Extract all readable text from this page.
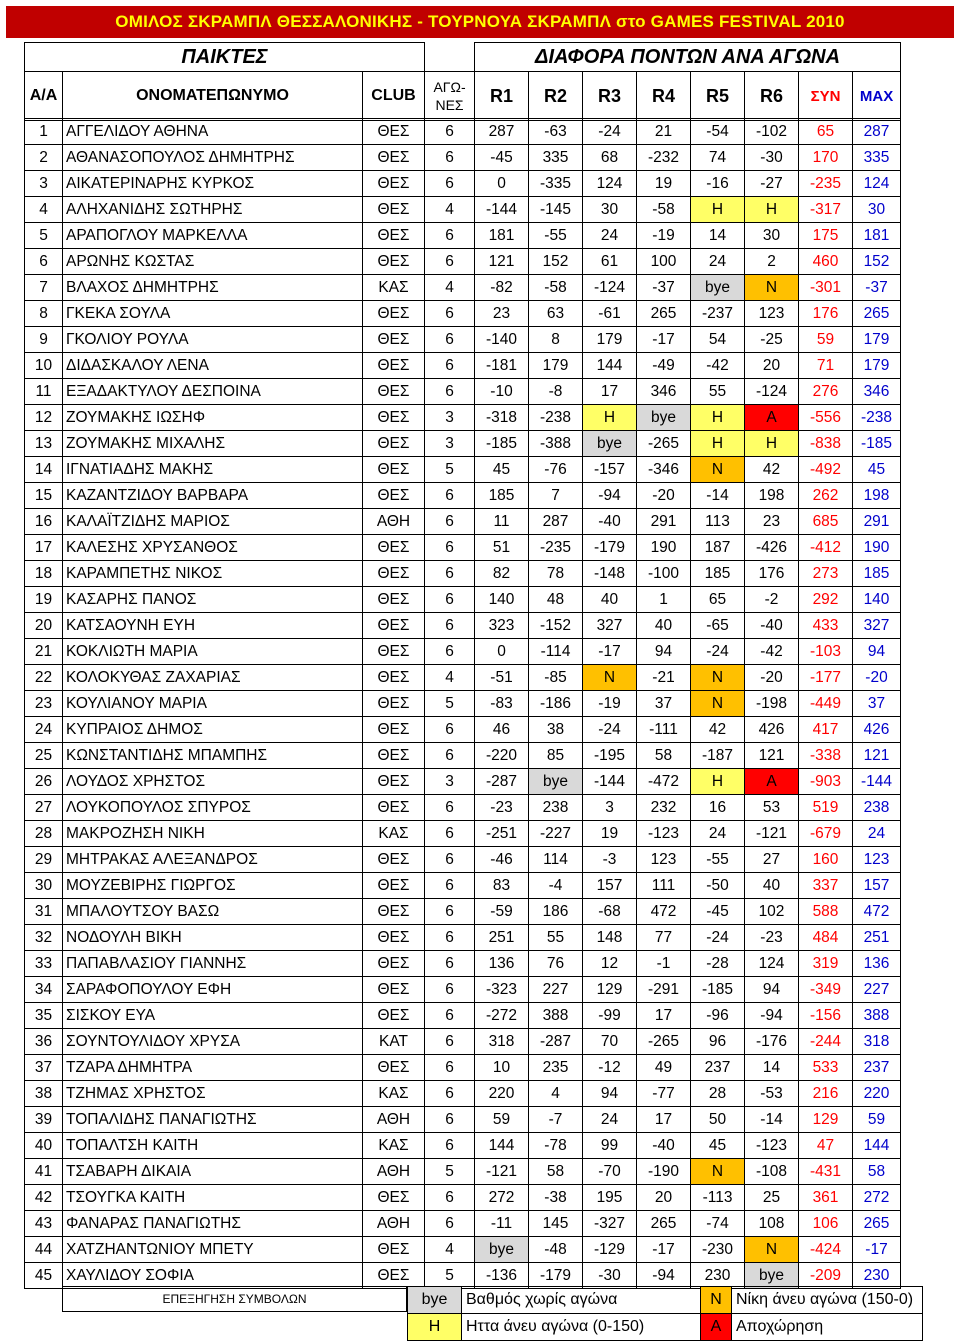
ΟΜΙΛΟΣ ΣΚΡΑΜΠΛ ΘΕΣΣΑΛΟΝΙΚΗΣ - ΤΟΥΡΝΟΥΑ ΣΚΡΑΜΠΛ στο GAMES FESTIVAL 2010
ΠΑΙΚΤΕΣ				ΔΙΑΦΟΡΑ ΠΟΝΤΩΝ ΑΝΑ ΑΓΩΝΑ							
Α/Α	ΟΝΟΜΑΤΕΠΩΝΥΜΟ	CLUB	ΑΓΩ-
ΝΕΣ	R1	R2	R3	R4	R5	R6	ΣΥΝ	MAX
1	ΑΓΓΕΛΙΔΟΥ ΑΘΗΝΑ	ΘΕΣ	6	287	-63	-24	21	-54	-102	65	287
2	ΑΘΑΝΑΣΟΠΟΥΛΟΣ ΔΗΜΗΤΡΗΣ	ΘΕΣ	6	-45	335	68	-232	74	-30	170	335
3	ΑΙΚΑΤΕΡΙΝΑΡΗΣ ΚΥΡΚΟΣ	ΘΕΣ	6	0	-335	124	19	-16	-27	-235	124
4	ΑΛΗΧΑΝΙΔΗΣ ΣΩΤΗΡΗΣ	ΘΕΣ	4	-144	-145	30	-58	Η	Η	-317	30
5	ΑΡΑΠΟΓΛΟΥ ΜΑΡΚΕΛΛΑ	ΘΕΣ	6	181	-55	24	-19	14	30	175	181
6	ΑΡΩΝΗΣ ΚΩΣΤΑΣ	ΘΕΣ	6	121	152	61	100	24	2	460	152
7	ΒΛΑΧΟΣ ΔΗΜΗΤΡΗΣ	ΚΑΣ	4	-82	-58	-124	-37	bye	Ν	-301	-37
8	ΓΚΕΚΑ ΣΟΥΛΑ	ΘΕΣ	6	23	63	-61	265	-237	123	176	265
9	ΓΚΟΛΙΟΥ ΡΟΥΛΑ	ΘΕΣ	6	-140	8	179	-17	54	-25	59	179
10	ΔΙΔΑΣΚΑΛΟΥ ΛΕΝΑ	ΘΕΣ	6	-181	179	144	-49	-42	20	71	179
11	ΕΞΑΔΑΚΤΥΛΟΥ ΔΕΣΠΟΙΝΑ	ΘΕΣ	6	-10	-8	17	346	55	-124	276	346
12	ΖΟΥΜΑΚΗΣ ΙΩΣΗΦ	ΘΕΣ	3	-318	-238	Η	bye	Η	Α	-556	-238
13	ΖΟΥΜΑΚΗΣ ΜΙΧΑΛΗΣ	ΘΕΣ	3	-185	-388	bye	-265	Η	Η	-838	-185
14	ΙΓΝΑΤΙΑΔΗΣ ΜΑΚΗΣ	ΘΕΣ	5	45	-76	-157	-346	Ν	42	-492	45
15	ΚΑΖΑΝΤΖΙΔΟΥ ΒΑΡΒΑΡΑ	ΘΕΣ	6	185	7	-94	-20	-14	198	262	198
16	ΚΑΛΑΪΤΖΙΔΗΣ ΜΑΡΙΟΣ	ΑΘΗ	6	11	287	-40	291	113	23	685	291
17	ΚΑΛΕΣΗΣ ΧΡΥΣΑΝΘΟΣ	ΘΕΣ	6	51	-235	-179	190	187	-426	-412	190
18	ΚΑΡΑΜΠΕΤΗΣ ΝΙΚΟΣ	ΘΕΣ	6	82	78	-148	-100	185	176	273	185
19	ΚΑΣΑΡΗΣ ΠΑΝΟΣ	ΘΕΣ	6	140	48	40	1	65	-2	292	140
20	ΚΑΤΣΑΟΥΝΗ ΕΥΗ	ΘΕΣ	6	323	-152	327	40	-65	-40	433	327
21	ΚΟΚΛΙΩΤΗ ΜΑΡΙΑ	ΘΕΣ	6	0	-114	-17	94	-24	-42	-103	94
22	ΚΟΛΟΚΥΘΑΣ ΖΑΧΑΡΙΑΣ	ΘΕΣ	4	-51	-85	Ν	-21	Ν	-20	-177	-20
23	ΚΟΥΛΙΑΝΟΥ ΜΑΡΙΑ	ΘΕΣ	5	-83	-186	-19	37	Ν	-198	-449	37
24	ΚΥΠΡΑΙΟΣ ΔΗΜΟΣ	ΘΕΣ	6	46	38	-24	-111	42	426	417	426
25	ΚΩΝΣΤΑΝΤΙΔΗΣ ΜΠΑΜΠΗΣ	ΘΕΣ	6	-220	85	-195	58	-187	121	-338	121
26	ΛΟΥΔΟΣ ΧΡΗΣΤΟΣ	ΘΕΣ	3	-287	bye	-144	-472	Η	Α	-903	-144
27	ΛΟΥΚΟΠΟΥΛΟΣ ΣΠΥΡΟΣ	ΘΕΣ	6	-23	238	3	232	16	53	519	238
28	ΜΑΚΡΟΖΗΣΗ ΝΙΚΗ	ΚΑΣ	6	-251	-227	19	-123	24	-121	-679	24
29	ΜΗΤΡΑΚΑΣ ΑΛΕΞΑΝΔΡΟΣ	ΘΕΣ	6	-46	114	-3	123	-55	27	160	123
30	ΜΟΥΖΕΒΙΡΗΣ ΓΙΩΡΓΟΣ	ΘΕΣ	6	83	-4	157	111	-50	40	337	157
31	ΜΠΑΛΟΥΤΣΟΥ ΒΑΣΩ	ΘΕΣ	6	-59	186	-68	472	-45	102	588	472
32	ΝΟΔΟΥΛΗ ΒΙΚΗ	ΘΕΣ	6	251	55	148	77	-24	-23	484	251
33	ΠΑΠΑΒΛΑΣΙΟΥ ΓΙΑΝΝΗΣ	ΘΕΣ	6	136	76	12	-1	-28	124	319	136
34	ΣΑΡΑΦΟΠΟΥΛΟΥ ΕΦΗ	ΘΕΣ	6	-323	227	129	-291	-185	94	-349	227
35	ΣΙΣΚΟΥ ΕΥΑ	ΘΕΣ	6	-272	388	-99	17	-96	-94	-156	388
36	ΣΟΥΝΤΟΥΛΙΔΟΥ ΧΡΥΣΑ	ΚΑΤ	6	318	-287	70	-265	96	-176	-244	318
37	ΤΖΑΡΑ ΔΗΜΗΤΡΑ	ΘΕΣ	6	10	235	-12	49	237	14	533	237
38	ΤΖΗΜΑΣ ΧΡΗΣΤΟΣ	ΚΑΣ	6	220	4	94	-77	28	-53	216	220
39	ΤΟΠΑΛΙΔΗΣ ΠΑΝΑΓΙΩΤΗΣ	ΑΘΗ	6	59	-7	24	17	50	-14	129	59
40	ΤΟΠΑΛΤΣΗ ΚΑΙΤΗ	ΚΑΣ	6	144	-78	99	-40	45	-123	47	144
41	ΤΣΑΒΑΡΗ ΔΙΚΑΙΑ	ΑΘΗ	5	-121	58	-70	-190	Ν	-108	-431	58
42	ΤΣΟΥΓΚΑ ΚΑΙΤΗ	ΘΕΣ	6	272	-38	195	20	-113	25	361	272
43	ΦΑΝΑΡΑΣ ΠΑΝΑΓΙΩΤΗΣ	ΑΘΗ	6	-11	145	-327	265	-74	108	106	265
44	ΧΑΤΖΗΑΝΤΩΝΙΟΥ ΜΠΕΤΥ	ΘΕΣ	4	bye	-48	-129	-17	-230	Ν	-424	-17
45	ΧΑΥΛΙΔΟΥ ΣΟΦΙΑ	ΘΕΣ	5	-136	-179	-30	-94	230	bye	-209	230
ΕΠΕΞΗΓΗΣΗ ΣΥΜΒΟΛΩΝ	bye	Βαθμός χωρίς αγώνα	Ν Νίκη άνευ αγώνα (150-0)
Η	Ηττα άνευ αγώνα (0-150)	Α Αποχώρηση
